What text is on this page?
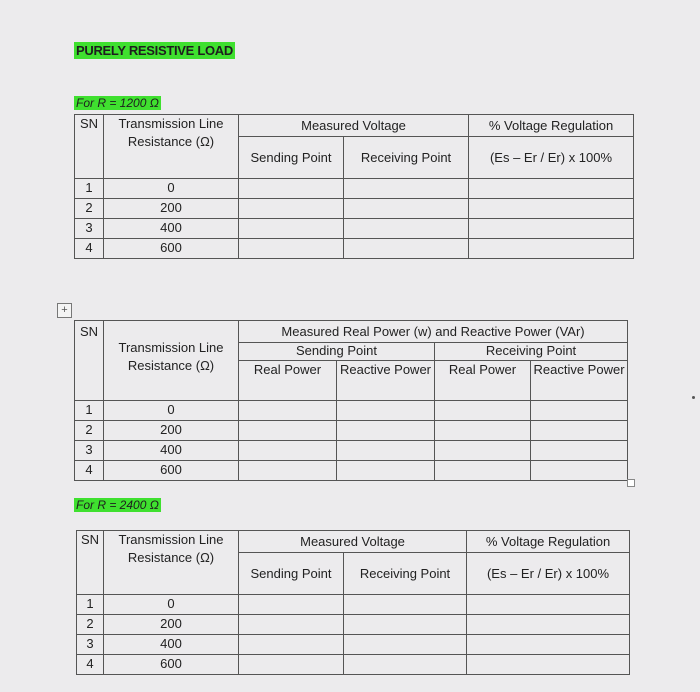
PURELY RESISTIVE LOAD
For R = 1200 Ω
SN	Transmission Line Resistance (Ω)	Measured Voltage		% Voltage Regulation
		Sending Point	Receiving Point	(Es – Er / Er) x 100%
1	0			
2	200			
3	400			
4	600			
+
SN	Transmission Line Resistance (Ω)	Measured Real Power (w) and Reactive Power (VAr)			
		Sending Point		Receiving Point	
		Real Power	Reactive Power	Real Power	Reactive Power
1	0				
2	200				
3	400				
4	600				
For R = 2400 Ω
SN	Transmission Line Resistance (Ω)	Measured Voltage		% Voltage Regulation
		Sending Point	Receiving Point	(Es – Er / Er) x 100%
1	0			
2	200			
3	400			
4	600			
